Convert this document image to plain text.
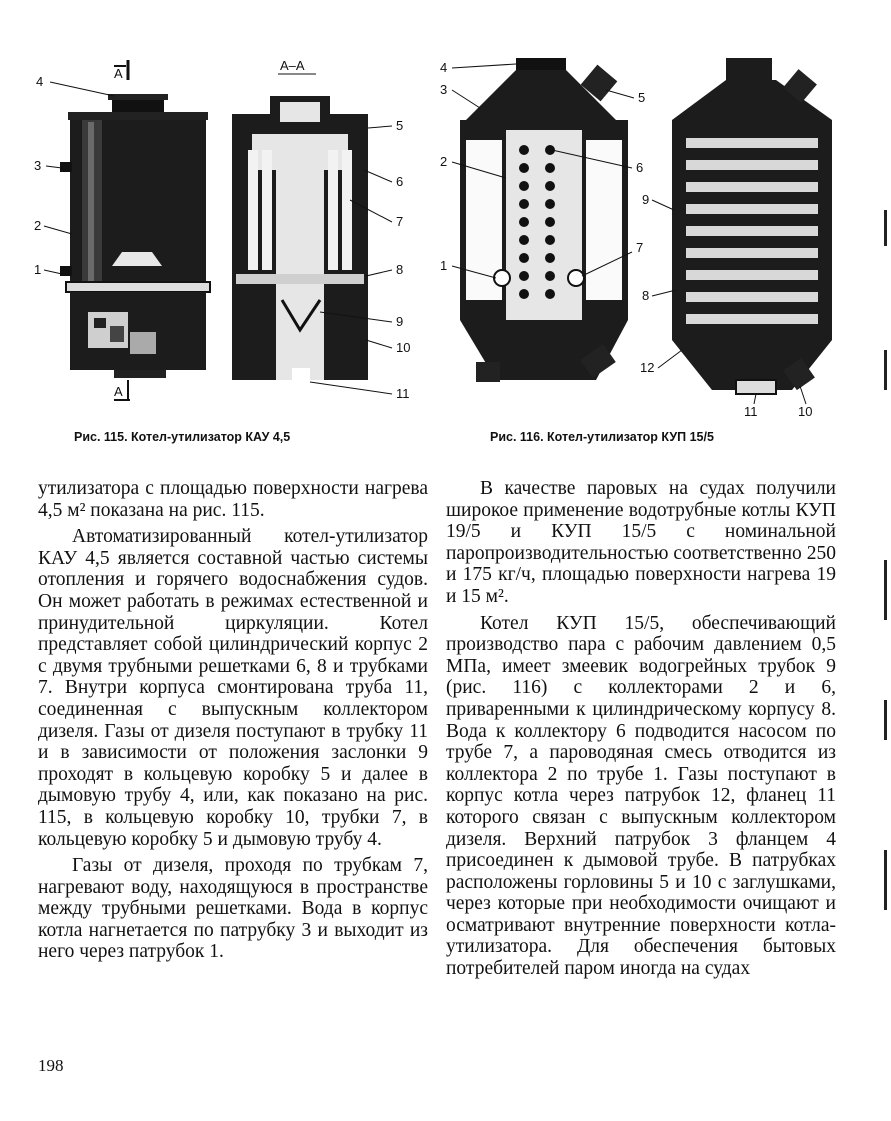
4
3
2
1
5
6
7
8
9
10
11
А
А
А–А
Рис. 115. Котел-утилизатор КАУ 4,5
4
3
5
2	6
9
1
7
8
12
11	10
Рис. 116. Котел-утилизатор КУП 15/5

утилизатора с площадью поверхности нагрева 4,5 м² показана на рис. 115.

Автоматизированный котел-утилизатор КАУ 4,5 является составной частью системы отопления и горячего водоснабжения судов. Он может работать в режимах естественной и принудительной циркуляции. Котел представляет собой цилиндрический корпус 2 с двумя трубными решетками 6, 8 и трубками 7. Внутри корпуса смонтирована труба 11, соединенная с выпускным коллектором дизеля. Газы от дизеля поступают в трубку 11 и в зависимости от положения заслонки 9 проходят в кольцевую коробку 5 и далее в дымовую трубу 4, или, как показано на рис. 115, в кольцевую коробку 10, трубки 7, в кольцевую коробку 5 и дымовую трубу 4.

Газы от дизеля, проходя по трубкам 7, нагревают воду, находящуюся в пространстве между трубными решетками. Вода в корпус котла нагнетается по патрубку 3 и выходит из него через патрубок 1.

В качестве паровых на судах получили широкое применение водотрубные котлы КУП 19/5 и КУП 15/5 с номинальной паропроизводительностью соответственно 250 и 175 кг/ч, площадью поверхности нагрева 19 и 15 м².

Котел КУП 15/5, обеспечивающий производство пара с рабочим давлением 0,5 МПа, имеет змеевик водогрейных трубок 9 (рис. 116) с коллекторами 2 и 6, приваренными к цилиндрическому корпусу 8. Вода к коллектору 6 подводится насосом по трубе 7, а пароводяная смесь отводится из коллектора 2 по трубе 1. Газы поступают в корпус котла через патрубок 12, фланец 11 которого связан с выпускным коллектором дизеля. Верхний патрубок 3 фланцем 4 присоединен к дымовой трубе. В патрубках расположены горловины 5 и 10 с заглушками, через которые при необходимости очищают и осматривают внутренние поверхности котла-утилизатора. Для обеспечения бытовых потребителей паром иногда на судах

198
